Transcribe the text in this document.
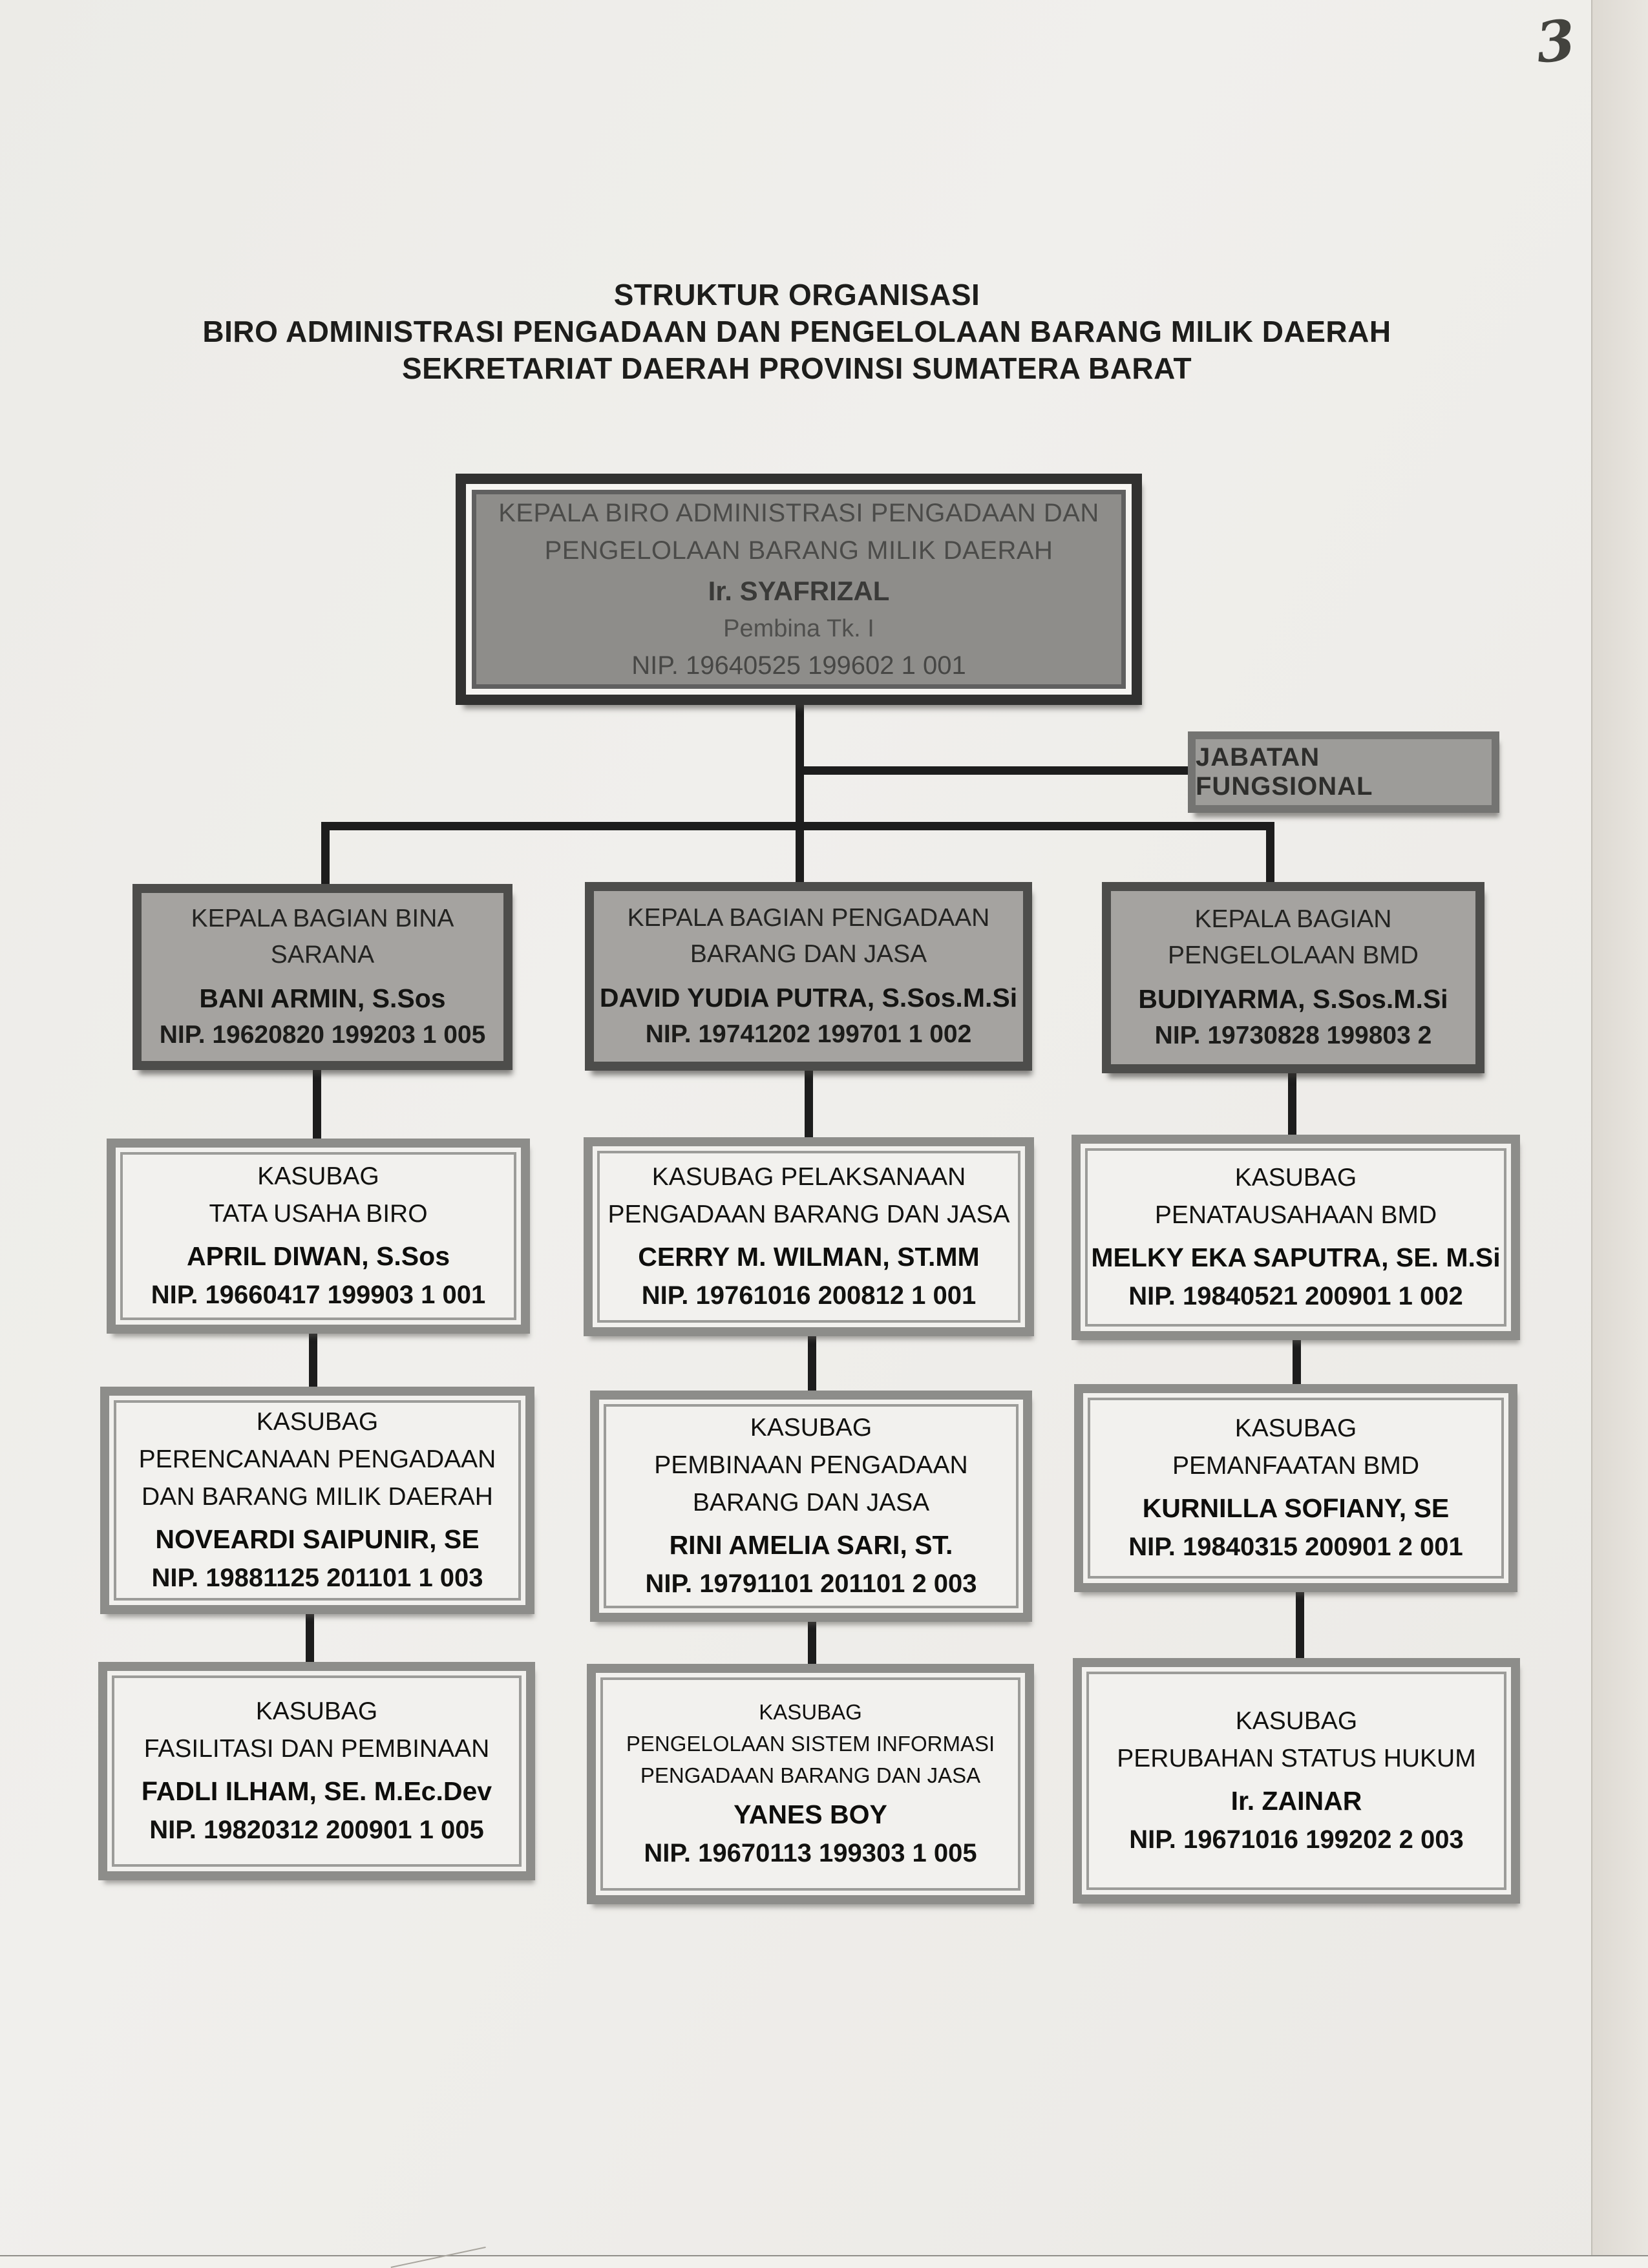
3
STRUKTUR ORGANISASI
BIRO ADMINISTRASI PENGADAAN DAN PENGELOLAAN BARANG MILIK DAERAH
SEKRETARIAT DAERAH PROVINSI SUMATERA BARAT
KEPALA BIRO ADMINISTRASI PENGADAAN DAN
PENGELOLAAN BARANG MILIK DAERAH
Ir. SYAFRIZAL
Pembina Tk. I
NIP. 19640525 199602 1 001
JABATAN FUNGSIONAL
KEPALA BAGIAN BINA
SARANA
BANI ARMIN, S.Sos
NIP. 19620820 199203 1 005
KEPALA BAGIAN PENGADAAN
BARANG DAN JASA
DAVID YUDIA PUTRA, S.Sos.M.Si
NIP. 19741202 199701 1 002
KEPALA BAGIAN
PENGELOLAAN BMD
BUDIYARMA, S.Sos.M.Si
NIP. 19730828 199803 2
KASUBAG
TATA USAHA BIRO
APRIL DIWAN, S.Sos
NIP. 19660417 199903 1 001
KASUBAG PELAKSANAAN
PENGADAAN BARANG DAN JASA
CERRY M. WILMAN, ST.MM
NIP. 19761016 200812 1 001
KASUBAG
PENATAUSAHAAN BMD
MELKY EKA SAPUTRA, SE. M.Si
NIP. 19840521 200901 1 002
KASUBAG
PERENCANAAN PENGADAAN
DAN BARANG MILIK DAERAH
NOVEARDI SAIPUNIR, SE
NIP. 19881125 201101 1 003
KASUBAG
PEMBINAAN PENGADAAN
BARANG DAN JASA
RINI AMELIA SARI, ST.
NIP. 19791101 201101 2 003
KASUBAG
PEMANFAATAN BMD
KURNILLA SOFIANY, SE
NIP. 19840315 200901 2 001
KASUBAG
FASILITASI DAN PEMBINAAN
FADLI ILHAM, SE. M.Ec.Dev
NIP. 19820312 200901 1 005
KASUBAG
PENGELOLAAN SISTEM INFORMASI
PENGADAAN BARANG DAN JASA
YANES BOY
NIP. 19670113 199303 1 005
KASUBAG
PERUBAHAN STATUS HUKUM
Ir. ZAINAR
NIP. 19671016 199202 2 003
